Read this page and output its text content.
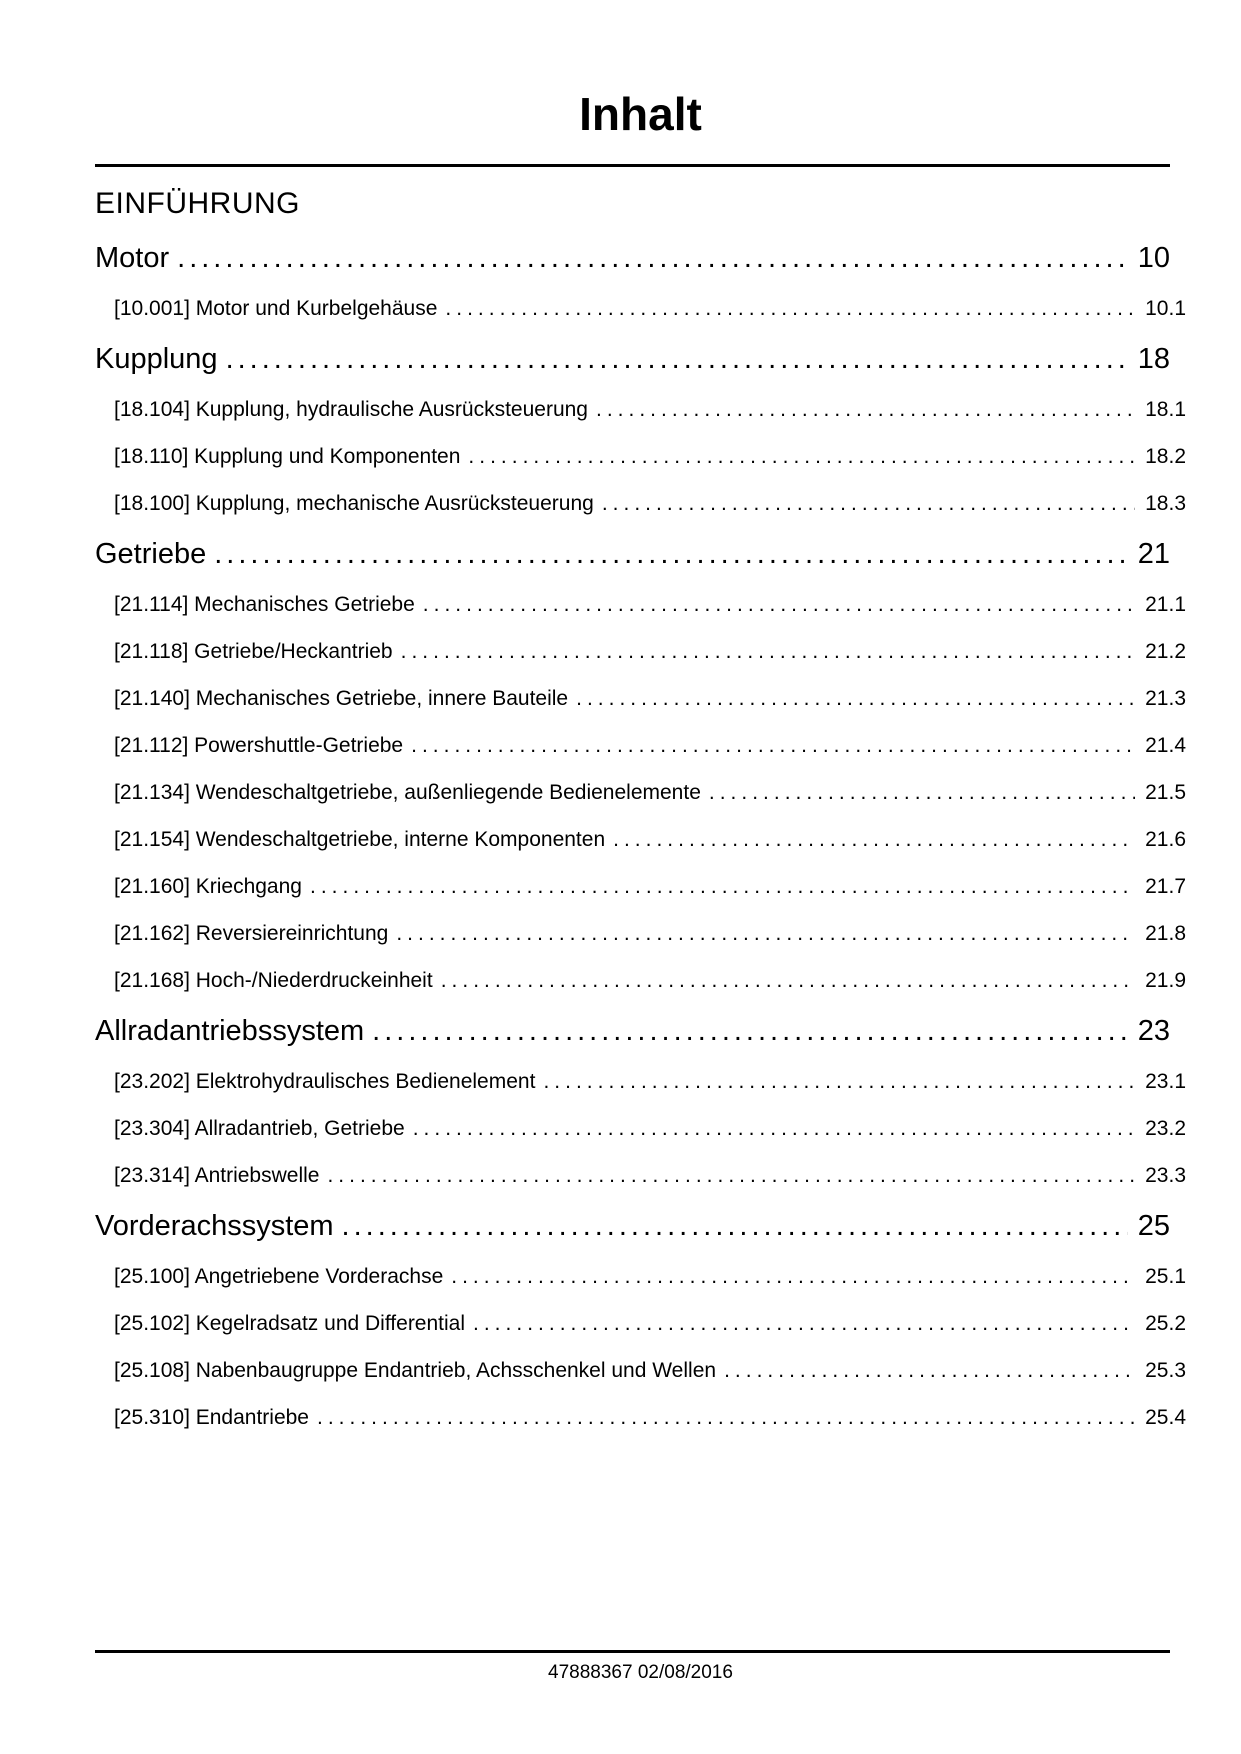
Inhalt
EINFÜHRUNG
Motor .....	10
[10.001] Motor und Kurbelgehäuse .....	10.1
Kupplung .....	18
[18.104] Kupplung, hydraulische Ausrücksteuerung .....	18.1
[18.110] Kupplung und Komponenten .....	18.2
[18.100] Kupplung, mechanische Ausrücksteuerung .....	18.3
Getriebe .....	21
[21.114] Mechanisches Getriebe .....	21.1
[21.118] Getriebe/Heckantrieb .....	21.2
[21.140] Mechanisches Getriebe, innere Bauteile .....	21.3
[21.112] Powershuttle-Getriebe .....	21.4
[21.134] Wendeschaltgetriebe, außenliegende Bedienelemente .....	21.5
[21.154] Wendeschaltgetriebe, interne Komponenten .....	21.6
[21.160] Kriechgang .....	21.7
[21.162] Reversiereinrichtung .....	21.8
[21.168] Hoch-/Niederdruckeinheit .....	21.9
Allradantriebssystem .....	23
[23.202] Elektrohydraulisches Bedienelement .....	23.1
[23.304] Allradantrieb, Getriebe .....	23.2
[23.314] Antriebswelle .....	23.3
Vorderachssystem .....	25
[25.100] Angetriebene Vorderachse .....	25.1
[25.102] Kegelradsatz und Differential .....	25.2
[25.108] Nabenbaugruppe Endantrieb, Achsschenkel und Wellen .....	25.3
[25.310] Endantriebe .....	25.4
47888367 02/08/2016
